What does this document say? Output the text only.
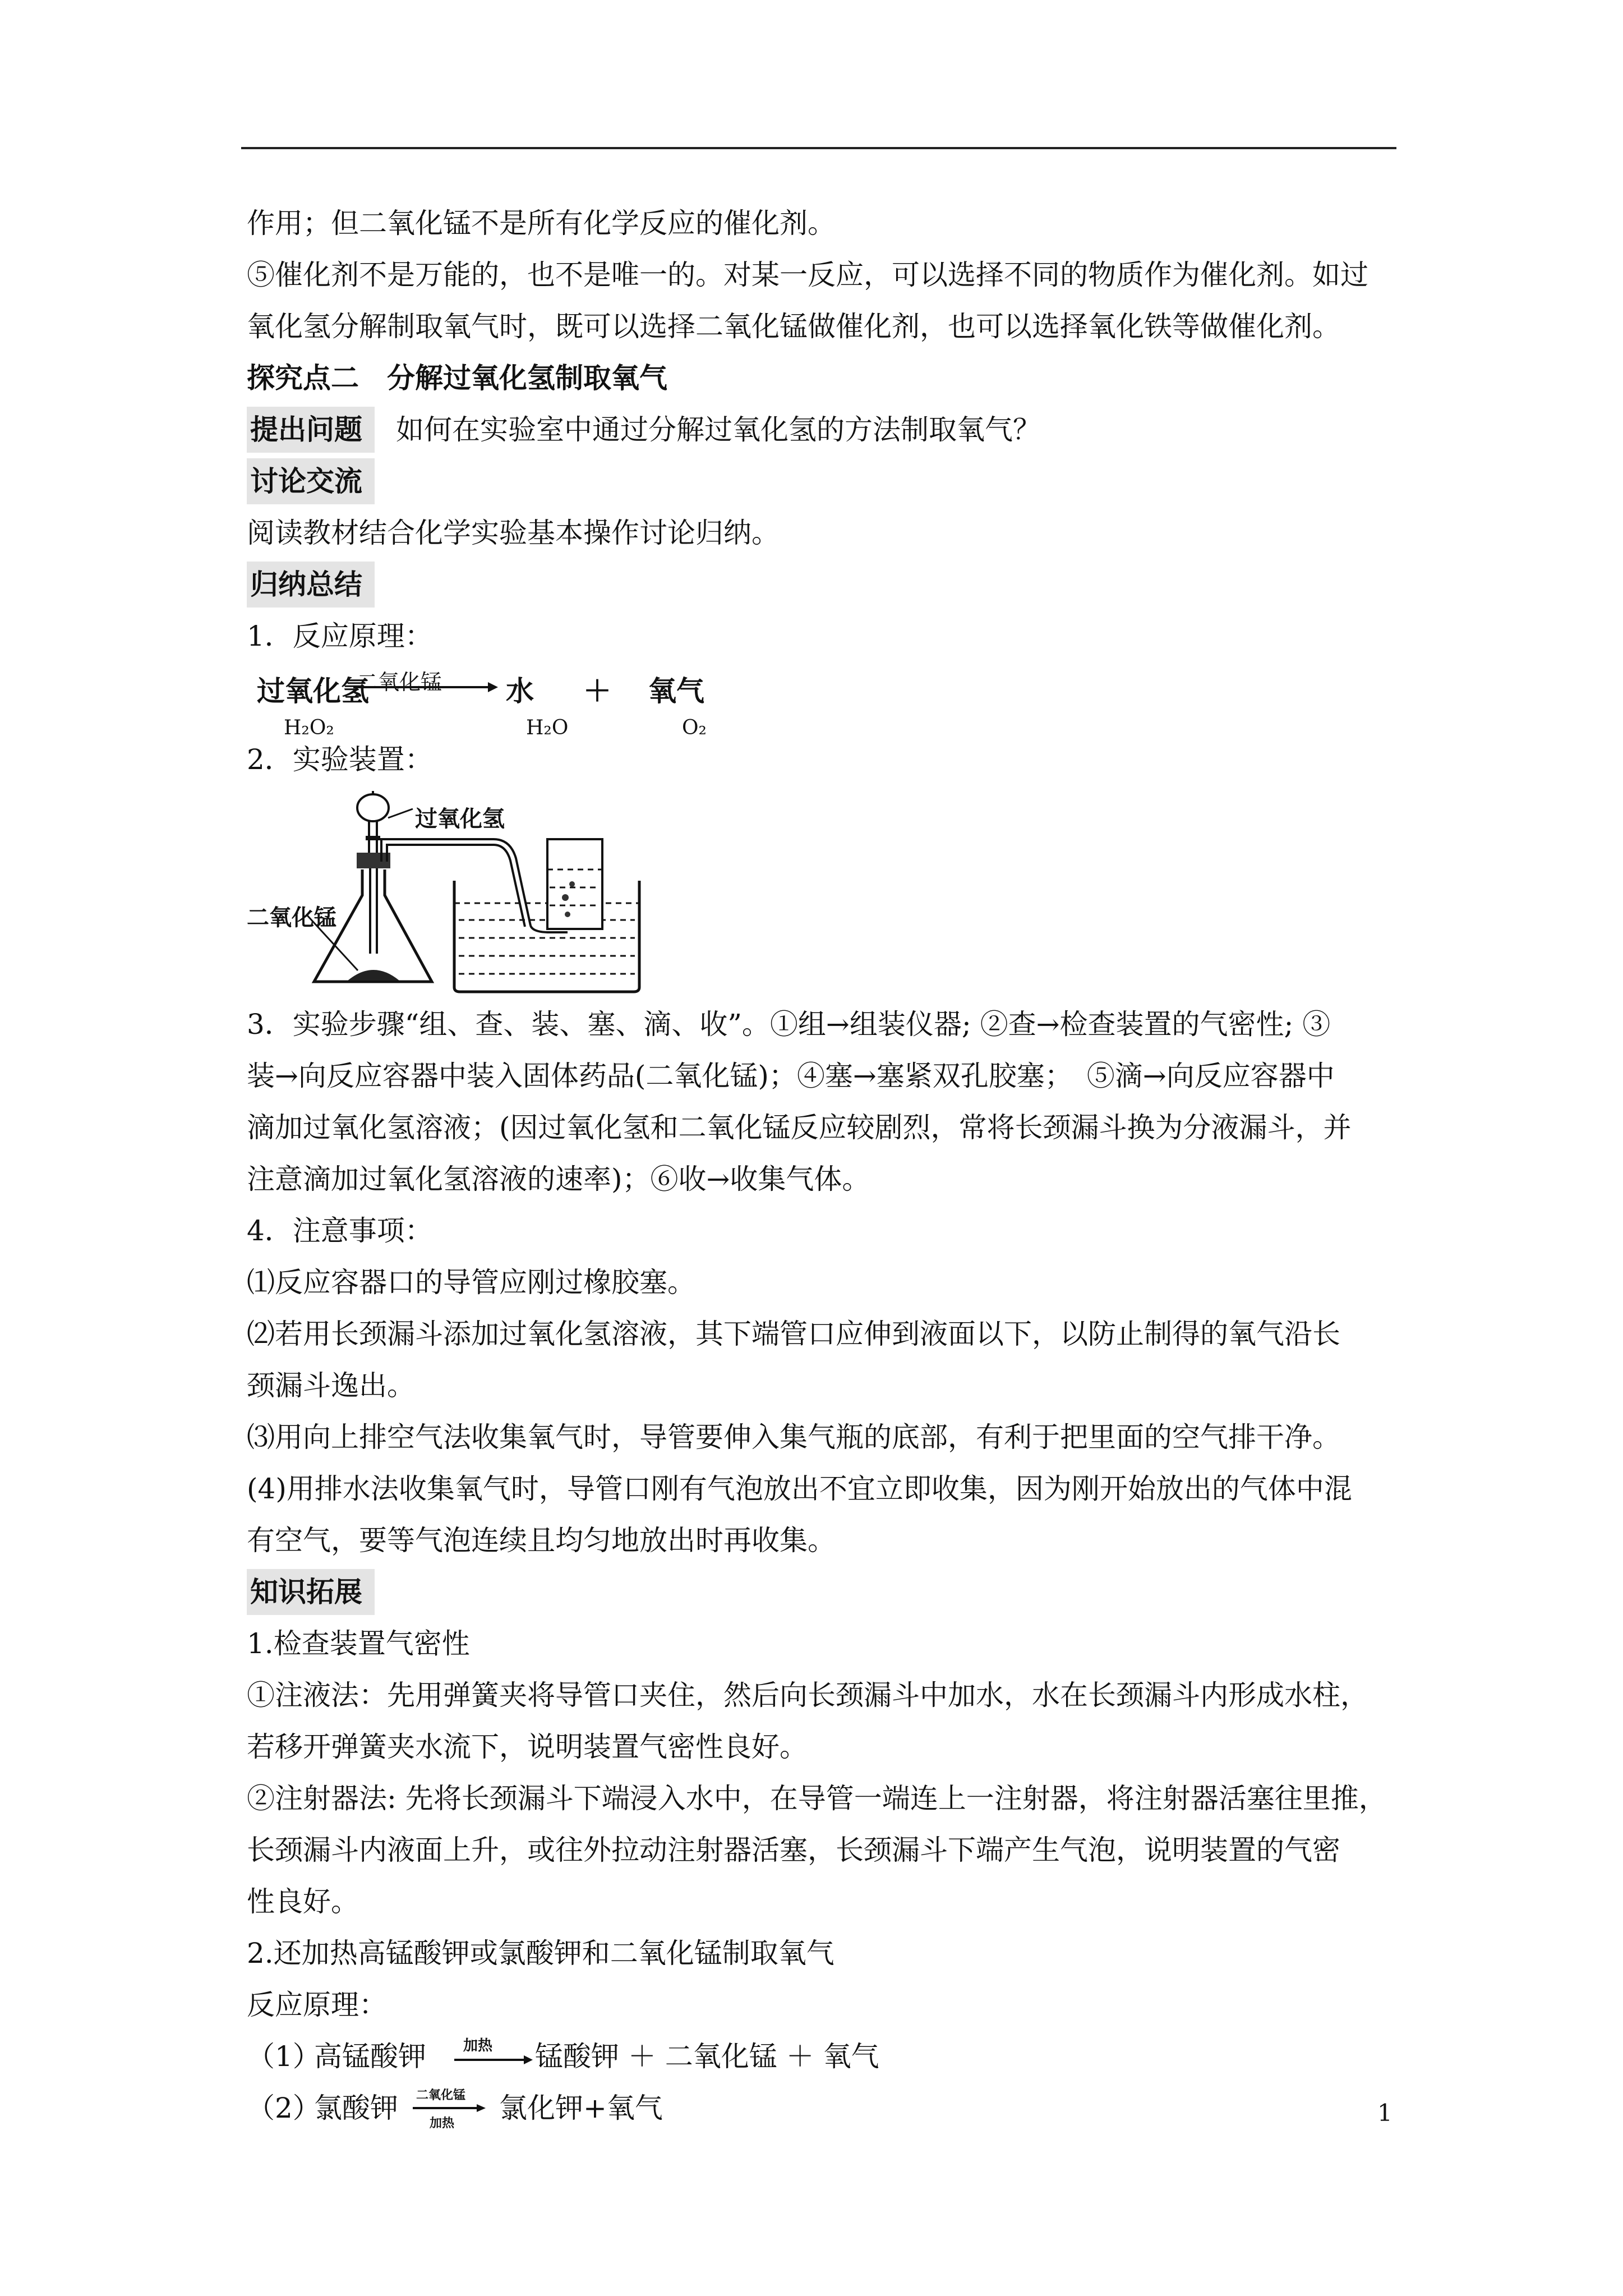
作用；但二氧化锰不是所有化学反应的催化剂。

⑤催化剂不是万能的，也不是唯一的。对某一反应，可以选择不同的物质作为催化剂。如过

氧化氢分解制取氧气时，既可以选择二氧化锰做催化剂，也可以选择氧化铁等做催化剂。

探究点二　分解过氧化氢制取氧气

提出问题 如何在实验室中通过分解过氧化氢的方法制取氧气？

讨论交流

阅读教材结合化学实验基本操作讨论归纳。

归纳总结

1．反应原理：

过氧化氢
二氧化锰 水 ＋ 氧气
H₂O₂	H₂O	O₂

2．实验装置：

过氧化氢
二氧化锰

3．实验步骤“组、查、装、塞、滴、收”。①组→组装仪器; ②查→检查装置的气密性; ③

装→向反应容器中装入固体药品(二氧化锰)；④塞→塞紧双孔胶塞；　⑤滴→向反应容器中

滴加过氧化氢溶液；(因过氧化氢和二氧化锰反应较剧烈，常将长颈漏斗换为分液漏斗，并

注意滴加过氧化氢溶液的速率)；⑥收→收集气体。

4．注意事项：

⑴反应容器口的导管应刚过橡胶塞。

⑵若用长颈漏斗添加过氧化氢溶液，其下端管口应伸到液面以下，以防止制得的氧气沿长

颈漏斗逸出。

⑶用向上排空气法收集氧气时，导管要伸入集气瓶的底部，有利于把里面的空气排干净。

(4)用排水法收集氧气时，导管口刚有气泡放出不宜立即收集，因为刚开始放出的气体中混

有空气，要等气泡连续且均匀地放出时再收集。

知识拓展

1.检查装置气密性

①注液法：先用弹簧夹将导管口夹住，然后向长颈漏斗中加水，水在长颈漏斗内形成水柱，

若移开弹簧夹水流下，说明装置气密性良好。

②注射器法: 先将长颈漏斗下端浸入水中，在导管一端连上一注射器，将注射器活塞往里推，

长颈漏斗内液面上升，或往外拉动注射器活塞，长颈漏斗下端产生气泡，说明装置的气密

性良好。

2.还加热高锰酸钾或氯酸钾和二氧化锰制取氧气

反应原理：

（1）
高锰酸钾	加热 锰酸钾 ＋ 二氧化锰 ＋ 氧气
（2）
氯酸钾 二氧化锰
加热 氯化钾+氧气	1
